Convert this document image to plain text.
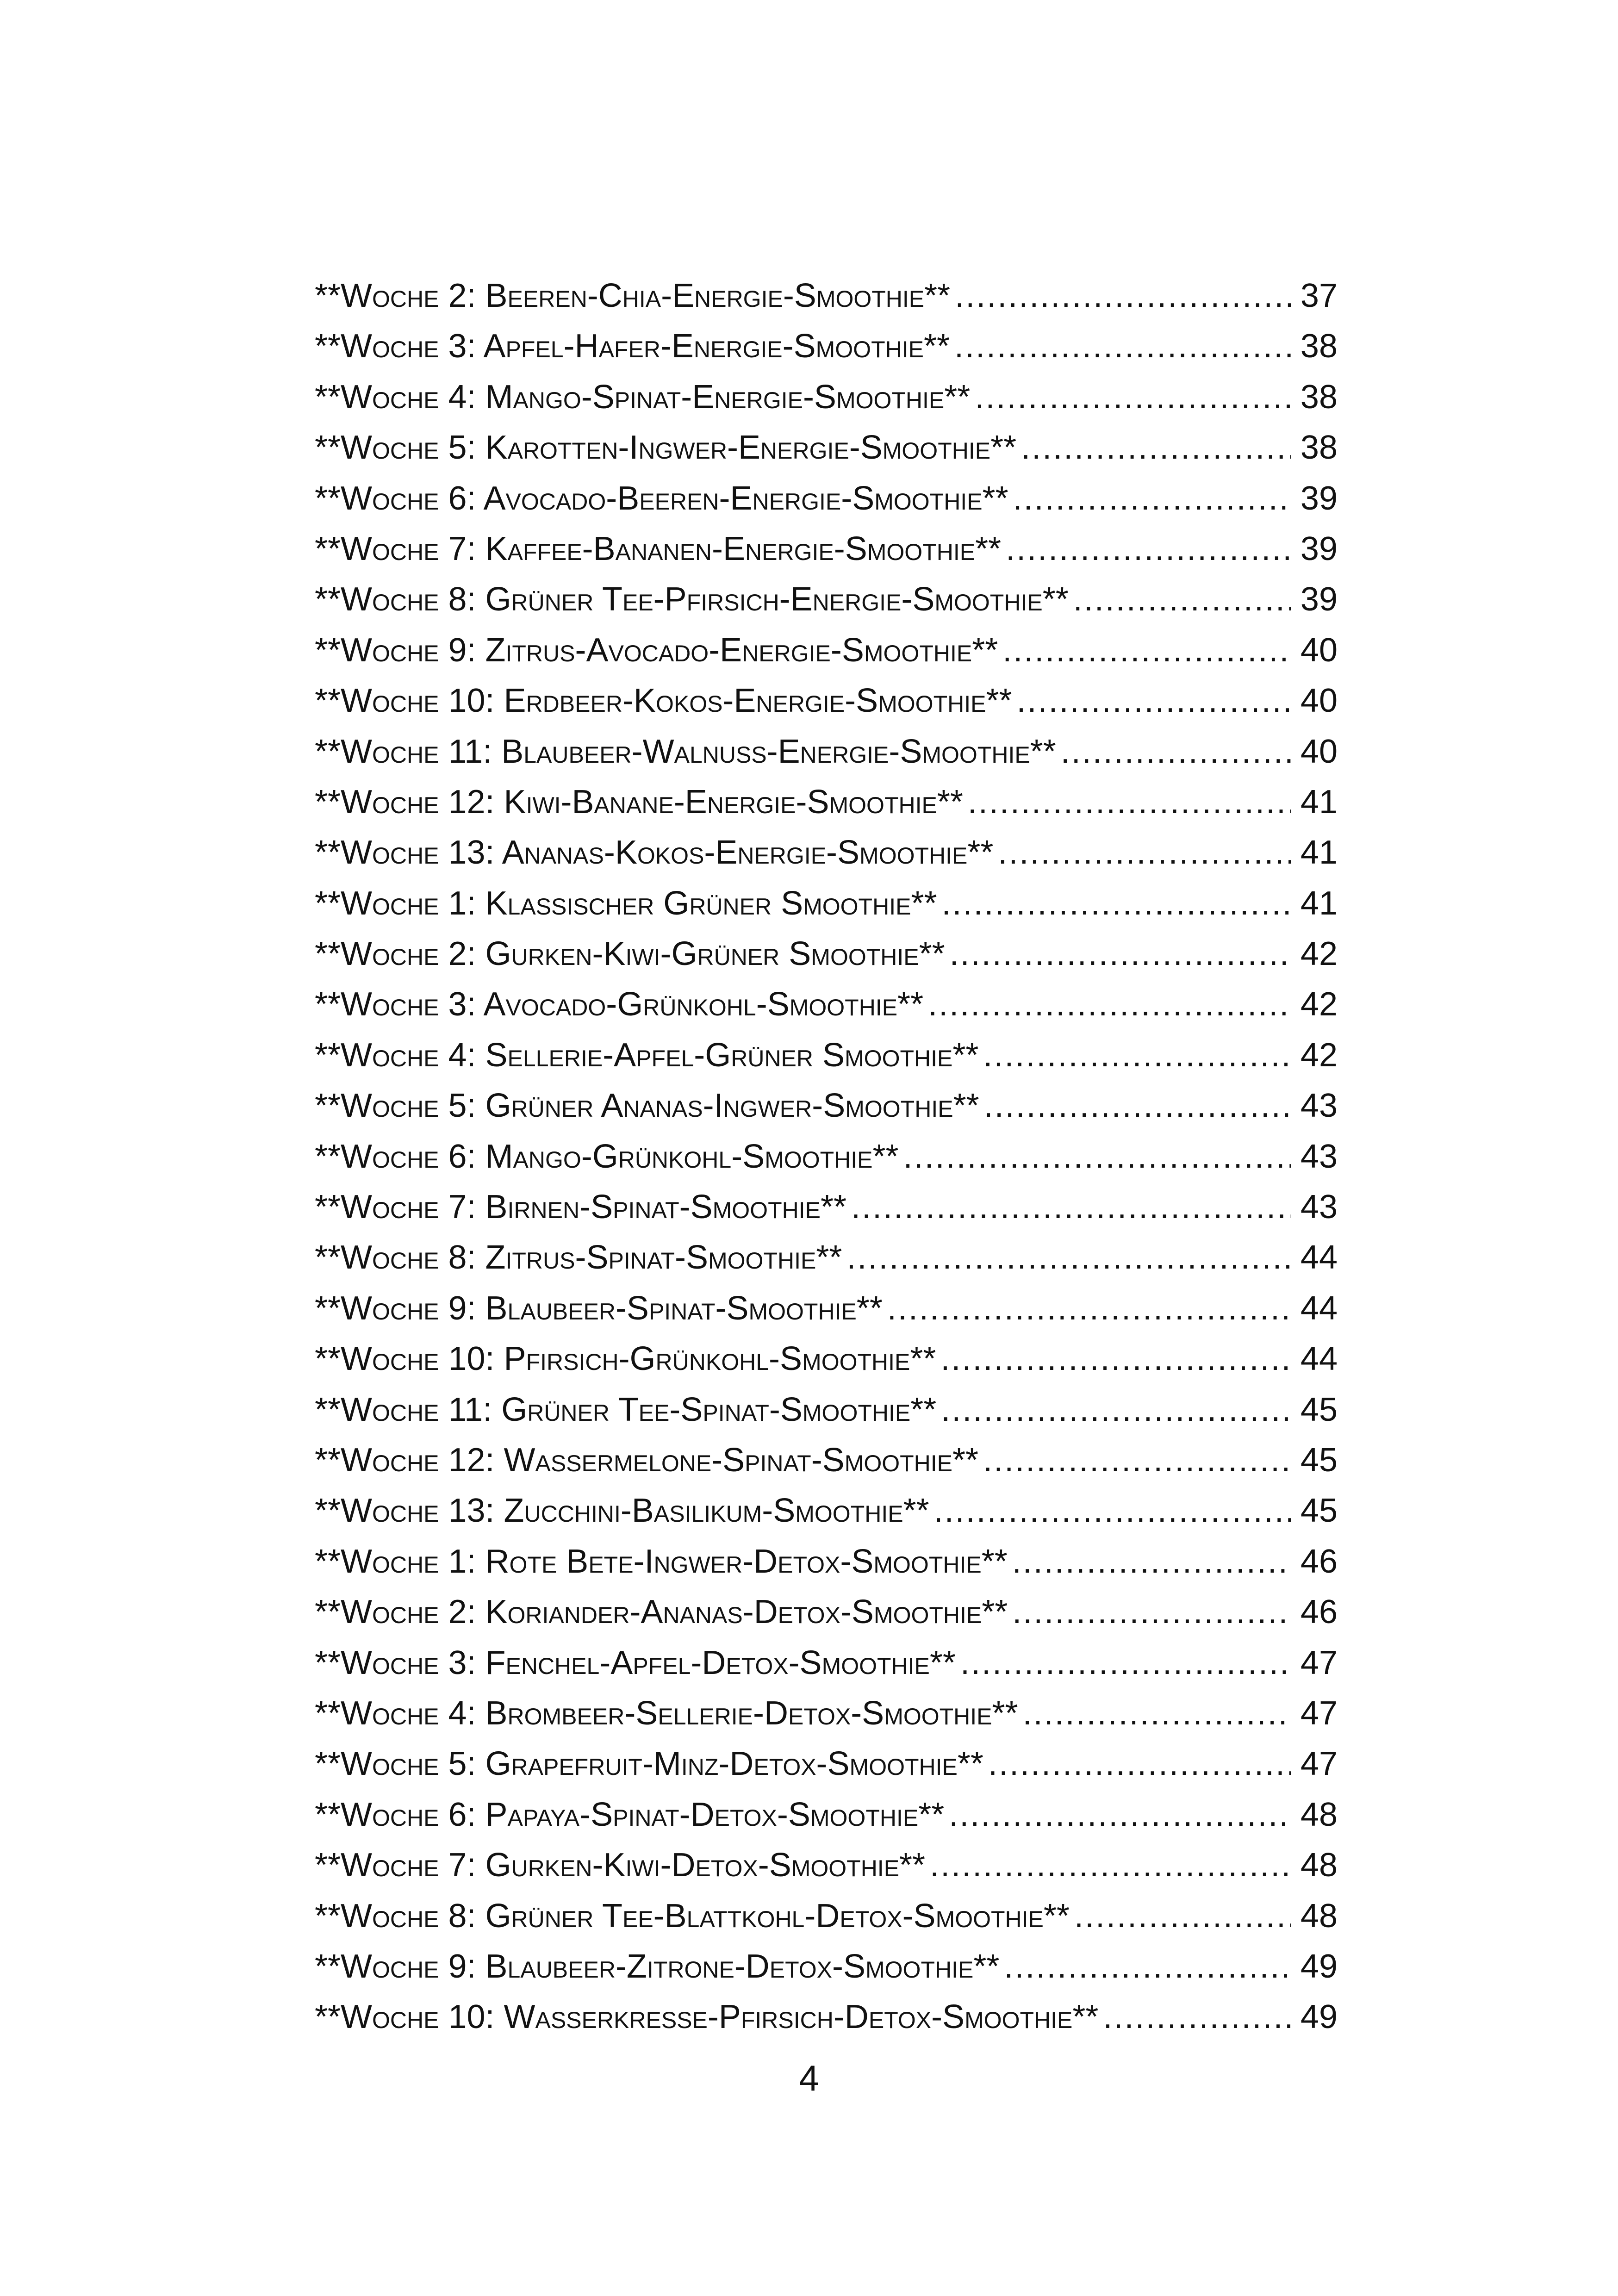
**Woche 2: Beeren-Chia-Energie-Smoothie** .....	37
**Woche 3: Apfel-Hafer-Energie-Smoothie** .....	38
**Woche 4: Mango-Spinat-Energie-Smoothie** .....	38
**Woche 5: Karotten-Ingwer-Energie-Smoothie** .....	38
**Woche 6: Avocado-Beeren-Energie-Smoothie** .....	39
**Woche 7: Kaffee-Bananen-Energie-Smoothie** .....	39
**Woche 8: Grüner Tee-Pfirsich-Energie-Smoothie** .....	39
**Woche 9: Zitrus-Avocado-Energie-Smoothie** .....	40
**Woche 10: Erdbeer-Kokos-Energie-Smoothie** .....	40
**Woche 11: Blaubeer-Walnuss-Energie-Smoothie** .....	40
**Woche 12: Kiwi-Banane-Energie-Smoothie** .....	41
**Woche 13: Ananas-Kokos-Energie-Smoothie** .....	41
**Woche 1: Klassischer Grüner Smoothie** .....	41
**Woche 2: Gurken-Kiwi-Grüner Smoothie** .....	42
**Woche 3: Avocado-Grünkohl-Smoothie** .....	42
**Woche 4: Sellerie-Apfel-Grüner Smoothie** .....	42
**Woche 5: Grüner Ananas-Ingwer-Smoothie** .....	43
**Woche 6: Mango-Grünkohl-Smoothie** .....	43
**Woche 7: Birnen-Spinat-Smoothie** .....	43
**Woche 8: Zitrus-Spinat-Smoothie** .....	44
**Woche 9: Blaubeer-Spinat-Smoothie** .....	44
**Woche 10: Pfirsich-Grünkohl-Smoothie** .....	44
**Woche 11: Grüner Tee-Spinat-Smoothie** .....	45
**Woche 12: Wassermelone-Spinat-Smoothie** .....	45
**Woche 13: Zucchini-Basilikum-Smoothie** .....	45
**Woche 1: Rote Bete-Ingwer-Detox-Smoothie** .....	46
**Woche 2: Koriander-Ananas-Detox-Smoothie** .....	46
**Woche 3: Fenchel-Apfel-Detox-Smoothie** .....	47
**Woche 4: Brombeer-Sellerie-Detox-Smoothie** .....	47
**Woche 5: Grapefruit-Minz-Detox-Smoothie** .....	47
**Woche 6: Papaya-Spinat-Detox-Smoothie** .....	48
**Woche 7: Gurken-Kiwi-Detox-Smoothie** .....	48
**Woche 8: Grüner Tee-Blattkohl-Detox-Smoothie** .....	48
**Woche 9: Blaubeer-Zitrone-Detox-Smoothie** .....	49
**Woche 10: Wasserkresse-Pfirsich-Detox-Smoothie** .....	49
4
